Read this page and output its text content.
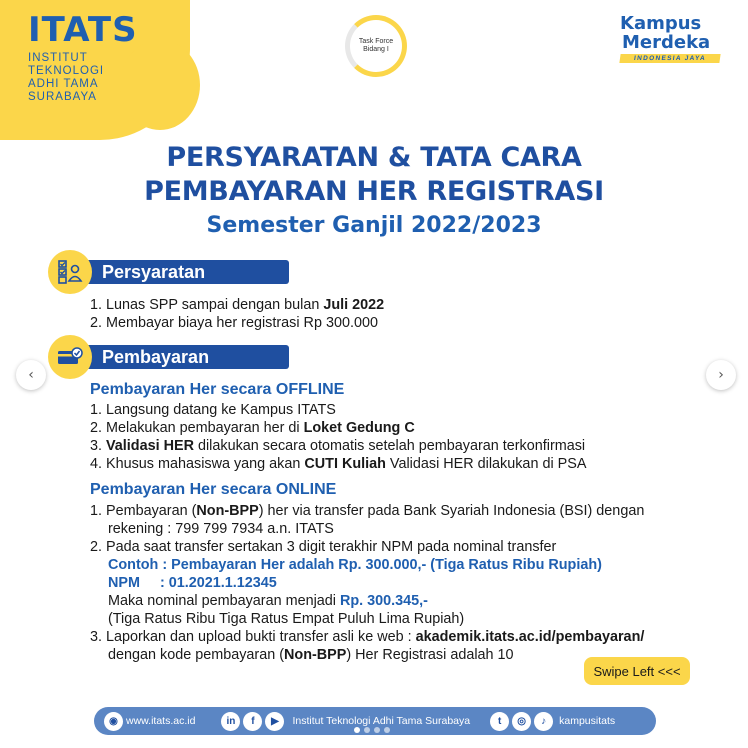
ITATS
INSTITUT
TEKNOLOGI
ADHI TAMA
SURABAYA
Task Force
Bidang I
Kampus
Merdeka
INDONESIA JAYA
PERSYARATAN & TATA CARA
PEMBAYARAN HER REGISTRASI
Semester Ganjil 2022/2023
Persyaratan
1. Lunas SPP sampai dengan bulan Juli 2022
2. Membayar biaya her registrasi Rp 300.000
Pembayaran
Pembayaran Her secara OFFLINE
1. Langsung datang ke Kampus ITATS
2. Melakukan pembayaran her di Loket Gedung C
3. Validasi HER dilakukan secara otomatis setelah pembayaran terkonfirmasi
4. Khusus mahasiswa yang akan CUTI Kuliah Validasi HER dilakukan di PSA
Pembayaran Her secara ONLINE
1. Pembayaran (Non-BPP) her via transfer pada Bank Syariah Indonesia (BSI) dengan
rekening : 799 799 7934 a.n. ITATS
2. Pada saat transfer sertakan 3 digit terakhir NPM pada nominal transfer
Contoh : Pembayaran Her adalah Rp. 300.000,- (Tiga Ratus Ribu Rupiah)
NPM     : 01.2021.1.12345
Maka nominal pembayaran menjadi Rp. 300.345,-
(Tiga Ratus Ribu Tiga Ratus Empat Puluh Lima Rupiah)
3. Laporkan dan upload bukti transfer asli ke web : akademik.itats.ac.id/pembayaran/
dengan kode pembayaran (Non-BPP) Her Registrasi adalah 10
Swipe Left <<<
◉ www.itats.ac.id	in	f	▶	Institut Teknologi Adhi Tama Surabaya	t	◎	♪	kampusitats
‹	›
